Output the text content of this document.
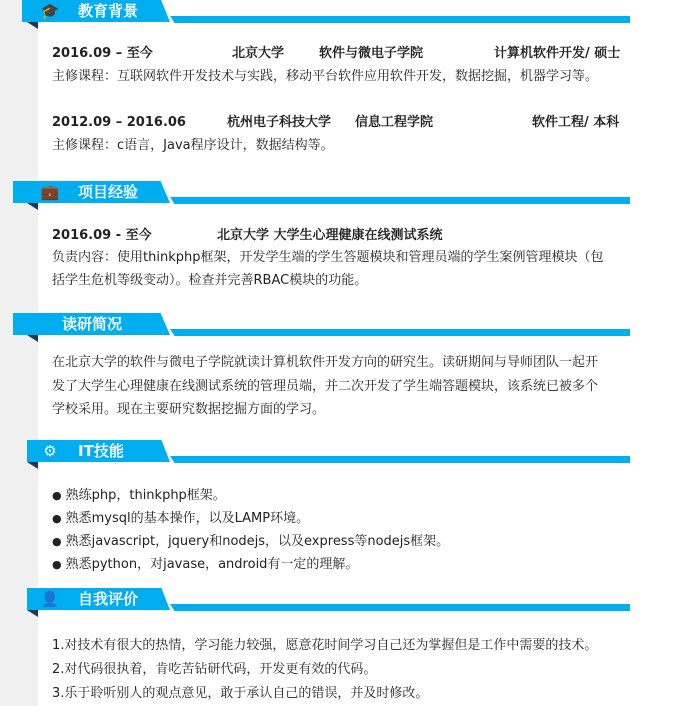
🎓 教育背景
2016.09 – 至今	北京大学	软件与微电子学院	计算机软件开发/ 硕士
主修课程：互联网软件开发技术与实践，移动平台软件应用软件开发，数据挖掘，机器学习等。
2012.09 – 2016.06	杭州电子科技大学 信息工程学院	软件工程/ 本科
主修课程：c语言，Java程序设计，数据结构等。
💼 项目经验
2016.09 - 至今	北京大学 大学生心理健康在线测试系统
负责内容：使用thinkphp框架，开发学生端的学生答题模块和管理员端的学生案例管理模块（包
括学生危机等级变动）。检查并完善RBAC模块的功能。
读研简况
在北京大学的软件与微电子学院就读计算机软件开发方向的研究生。读研期间与导师团队一起开
发了大学生心理健康在线测试系统的管理员端，并二次开发了学生端答题模块，该系统已被多个
学校采用。现在主要研究数据挖掘方面的学习。
⚙ IT技能
● 熟练php，thinkphp框架。
● 熟悉mysql的基本操作，以及LAMP环境。
● 熟悉javascript，jquery和nodejs，以及express等nodejs框架。
● 熟悉python，对javase，android有一定的理解。
👤 自我评价
1.对技术有很大的热情，学习能力较强，愿意花时间学习自己还为掌握但是工作中需要的技术。
2.对代码很执着，肯吃苦钻研代码，开发更有效的代码。
3.乐于聆听别人的观点意见，敢于承认自己的错误，并及时修改。
